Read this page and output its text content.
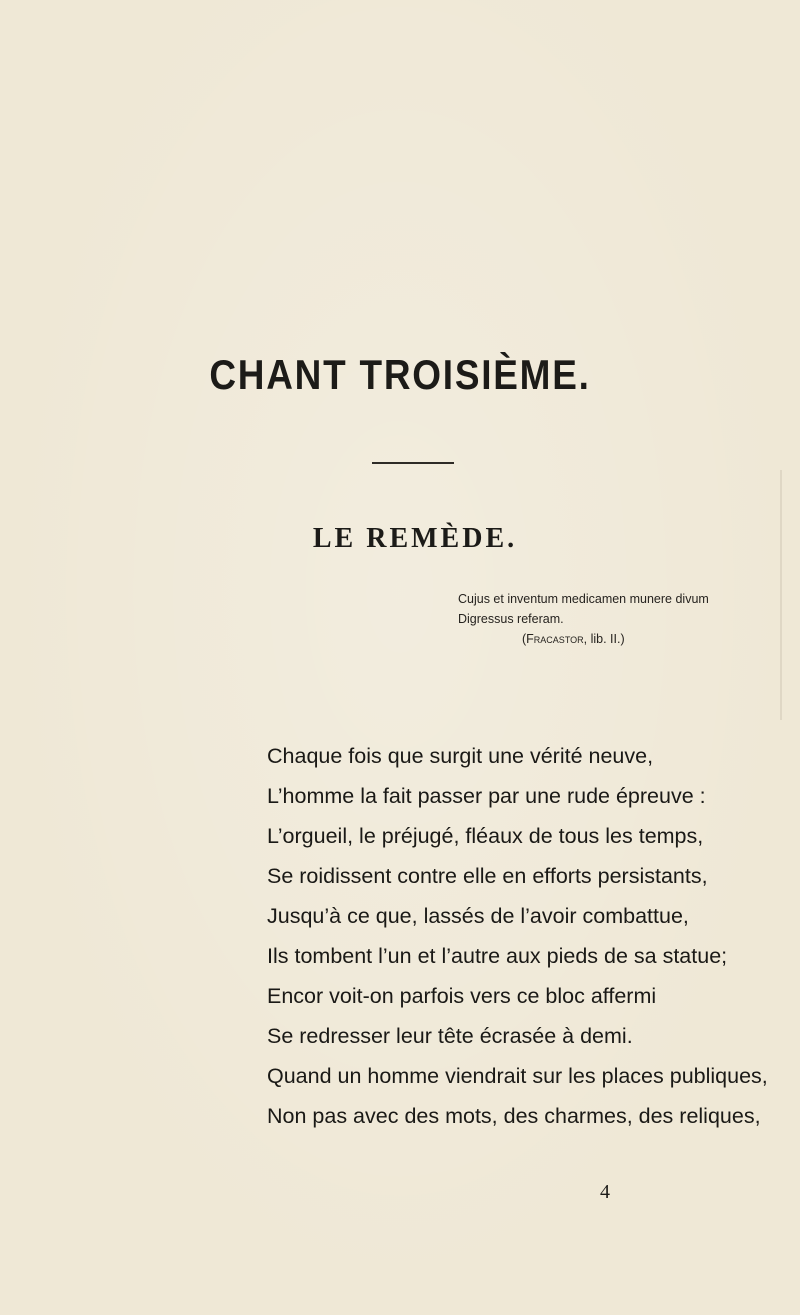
CHANT TROISIÈME.
LE REMÈDE.
Cujus et inventum medicamen munere divum
Digressus referam.
(Fracastor, lib. II.)
Chaque fois que surgit une vérité neuve,
L’homme la fait passer par une rude épreuve :
L’orgueil, le préjugé, fléaux de tous les temps,
Se roidissent contre elle en efforts persistants,
Jusqu’à ce que, lassés de l’avoir combattue,
Ils tombent l’un et l’autre aux pieds de sa statue;
Encor voit-on parfois vers ce bloc affermi
Se redresser leur tête écrasée à demi.
Quand un homme viendrait sur les places publiques,
Non pas avec des mots, des charmes, des reliques,
4
